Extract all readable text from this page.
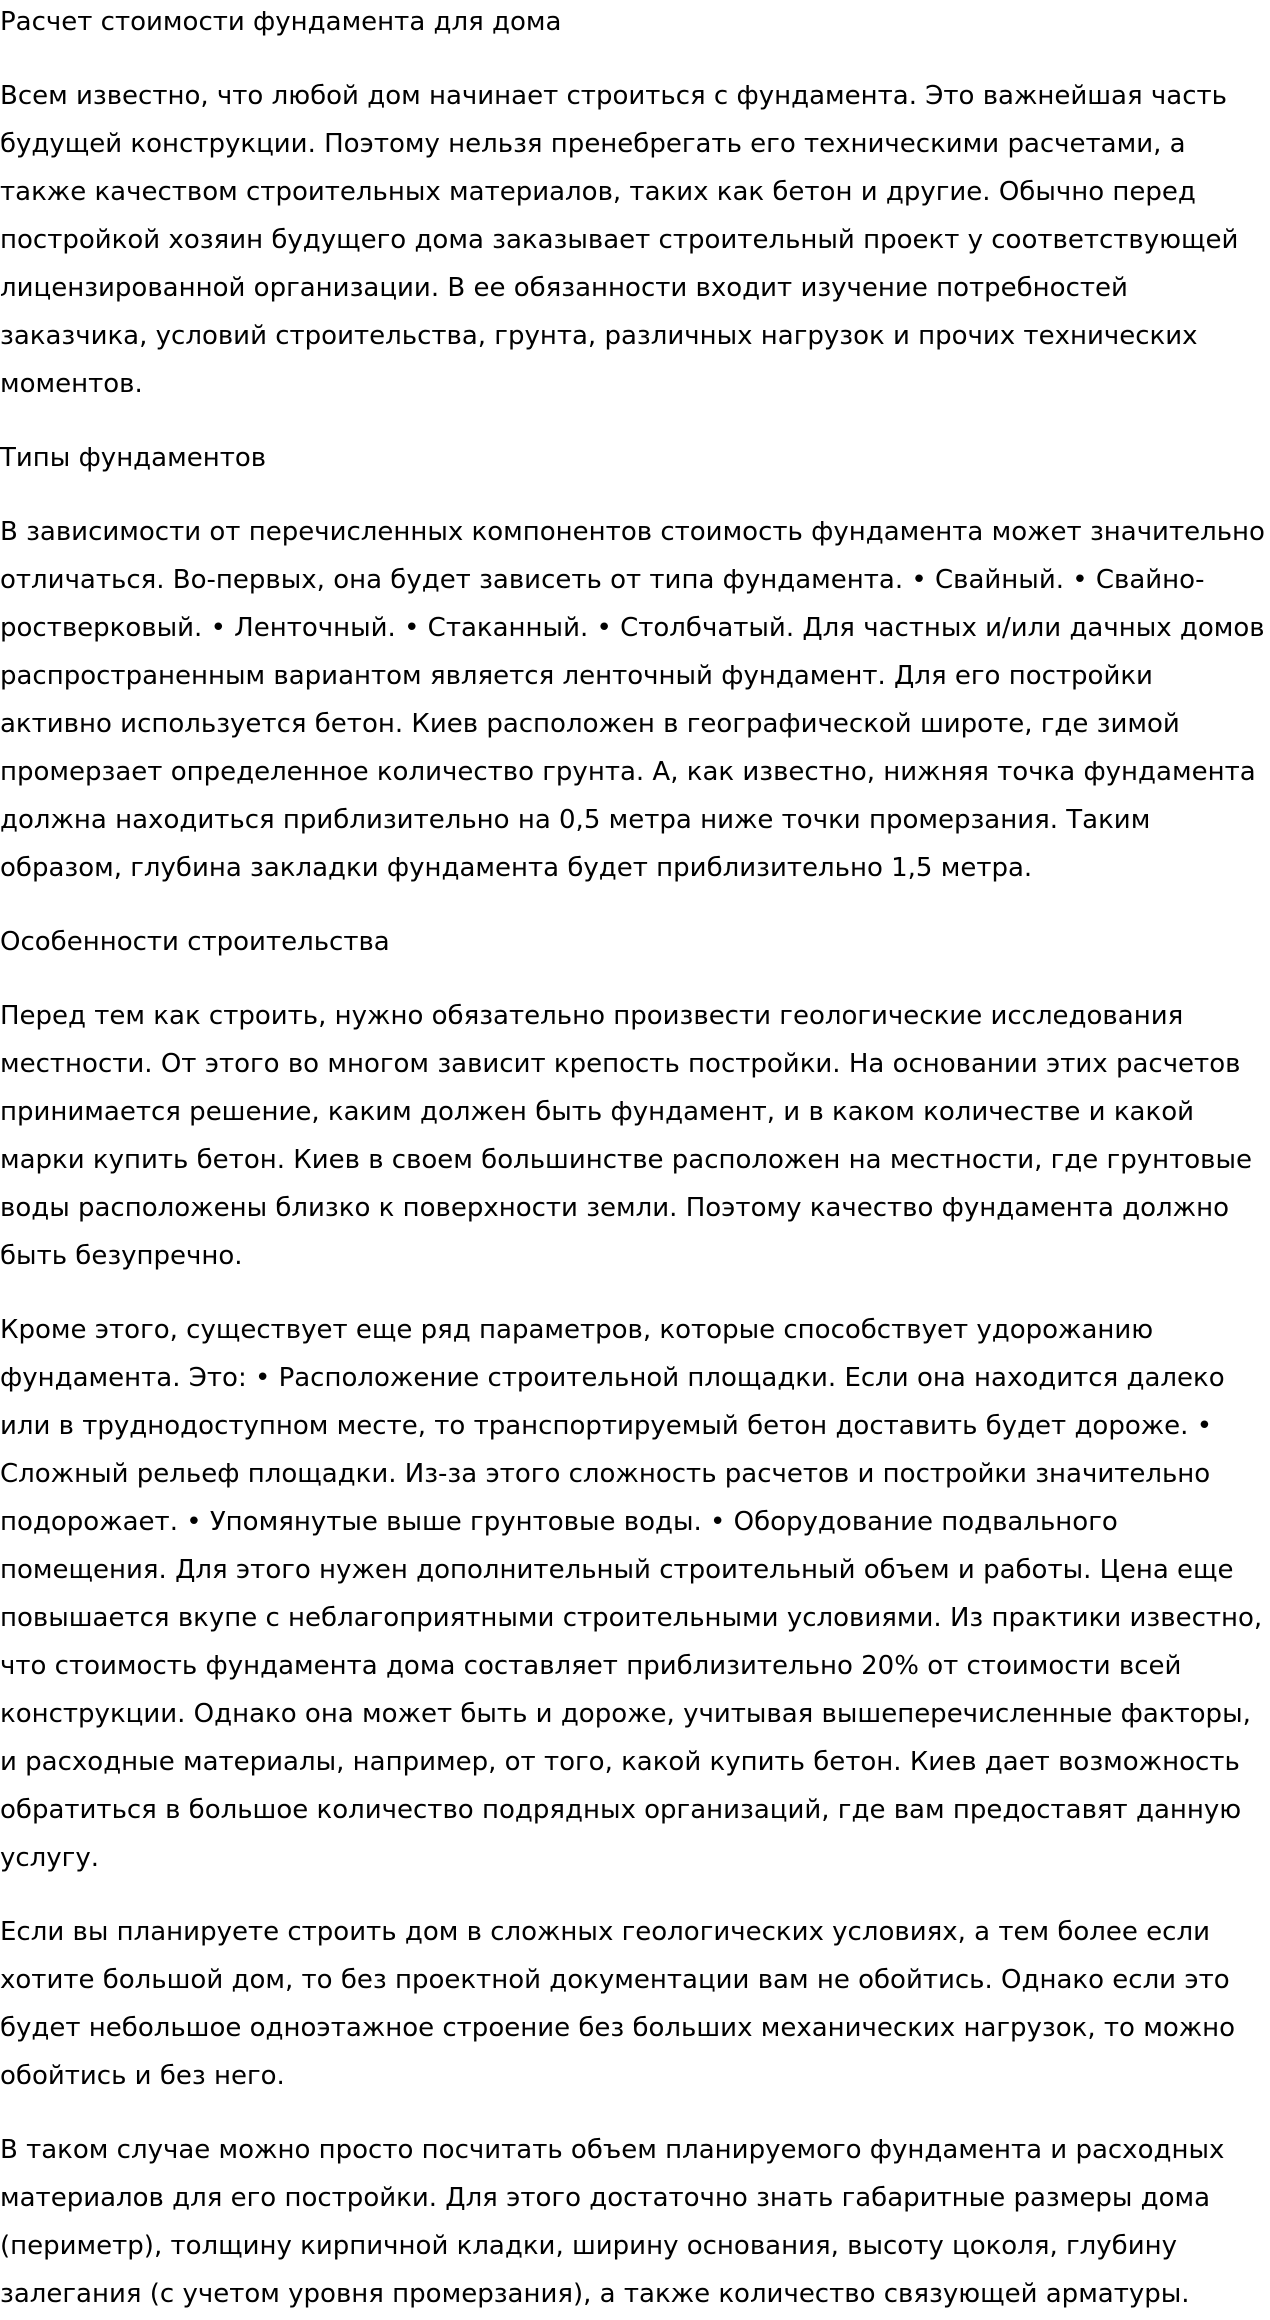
Расчет стоимости фундамента для дома

Всем известно, что любой дом начинает строиться с фундамента. Это важнейшая часть будущей конструкции. Поэтому нельзя пренебрегать его техническими расчетами, а также качеством строительных материалов, таких как бетон и другие. Обычно перед постройкой хозяин будущего дома заказывает строительный проект у соответствующей лицензированной организации. В ее обязанности входит изучение потребностей заказчика, условий строительства, грунта, различных нагрузок и прочих технических моментов.

Типы фундаментов

В зависимости от перечисленных компонентов стоимость фундамента может значительно отличаться. Во-первых, она будет зависеть от типа фундамента. • Свайный. • Свайно-ростверковый. • Ленточный. • Стаканный. • Столбчатый. Для частных и/или дачных домов распространенным вариантом является ленточный фундамент. Для его постройки активно используется бетон. Киев расположен в географической широте, где зимой промерзает определенное количество грунта. А, как известно, нижняя точка фундамента должна находиться приблизительно на 0,5 метра ниже точки промерзания. Таким образом, глубина закладки фундамента будет приблизительно 1,5 метра.

Особенности строительства

Перед тем как строить, нужно обязательно произвести геологические исследования местности. От этого во многом зависит крепость постройки. На основании этих расчетов принимается решение, каким должен быть фундамент, и в каком количестве и какой марки купить бетон. Киев в своем большинстве расположен на местности, где грунтовые воды расположены близко к поверхности земли. Поэтому качество фундамента должно быть безупречно.

Кроме этого, существует еще ряд параметров, которые способствует удорожанию фундамента. Это: • Расположение строительной площадки. Если она находится далеко или в труднодоступном месте, то транспортируемый бетон доставить будет дороже. • Сложный рельеф площадки. Из-за этого сложность расчетов и постройки значительно подорожает. • Упомянутые выше грунтовые воды. • Оборудование подвального помещения. Для этого нужен дополнительный строительный объем и работы. Цена еще повышается вкупе с неблагоприятными строительными условиями. Из практики известно, что стоимость фундамента дома составляет приблизительно 20% от стоимости всей конструкции. Однако она может быть и дороже, учитывая вышеперечисленные факторы, и расходные материалы, например, от того, какой купить бетон. Киев дает возможность обратиться в большое количество подрядных организаций, где вам предоставят данную услугу.

Если вы планируете строить дом в сложных геологических условиях, а тем более если хотите большой дом, то без проектной документации вам не обойтись. Однако если это будет небольшое одноэтажное строение без больших механических нагрузок, то можно обойтись и без него.

В таком случае можно просто посчитать объем планируемого фундамента и расходных материалов для его постройки. Для этого достаточно знать габаритные размеры дома (периметр), толщину кирпичной кладки, ширину основания, высоту цоколя, глубину залегания (с учетом уровня промерзания), а также количество связующей арматуры.
